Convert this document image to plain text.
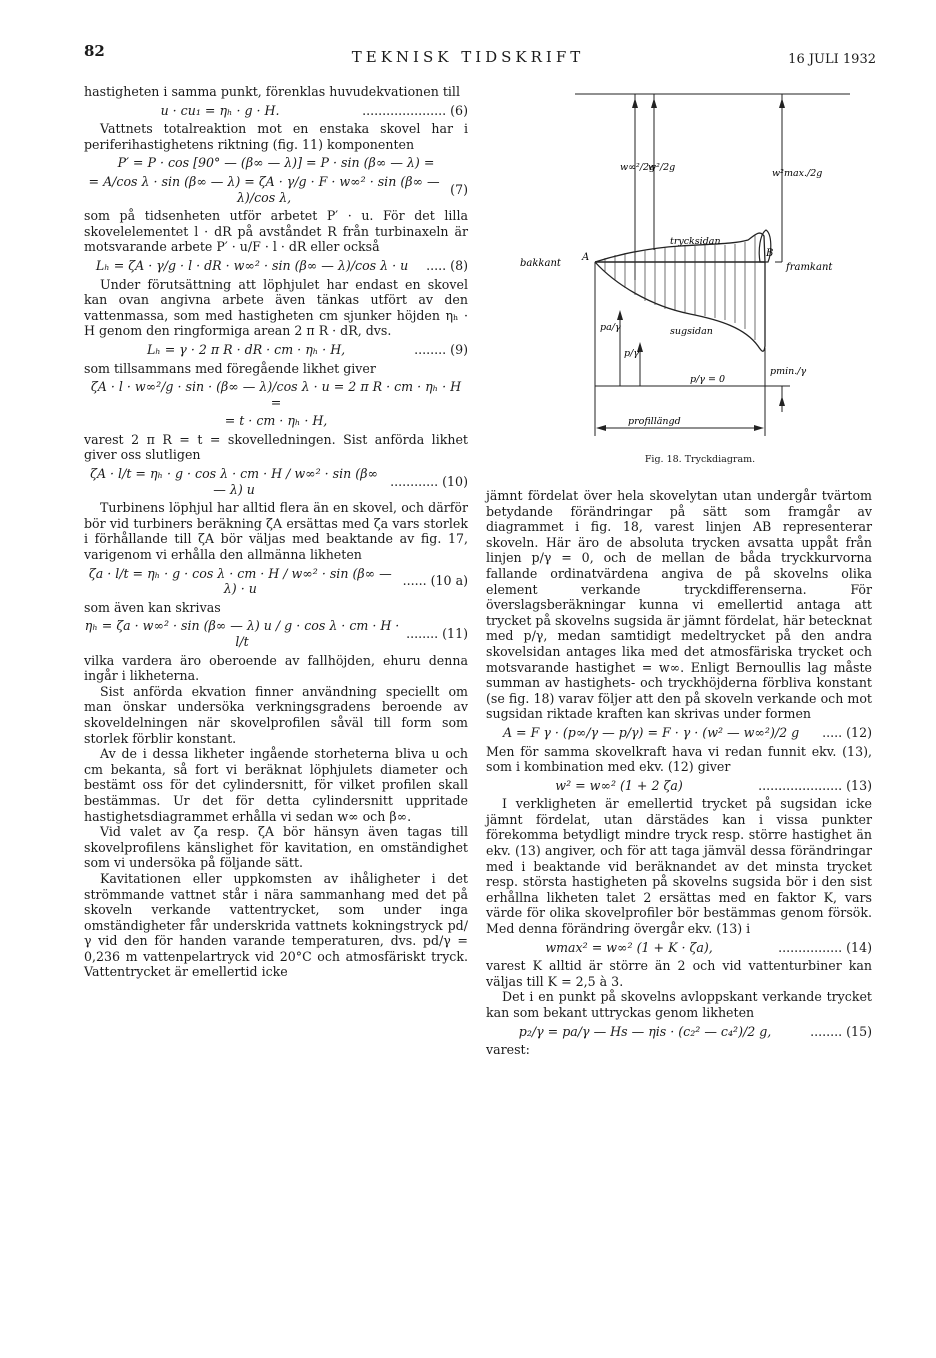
82	TEKNISK TIDSKRIFT	16 JULI 1932

hastigheten i samma punkt, förenklas huvudekvationen till

u · cu₁ = ηₕ · g · H.	..................... (6)

Vattnets totalreaktion mot en enstaka skovel har i periferihastighetens riktning (fig. 11) komponenten

P′ = P · cos [90° — (β∞ — λ)] = P · sin (β∞ — λ) =
= A/cos λ · sin (β∞ — λ) = ζA · γ/g · F · w∞² · sin (β∞ — λ)/cos λ,
(7)

som på tidsenheten utför arbetet P′ · u. För det lilla skovelelementet l · dR på avståndet R från turbinaxeln är motsvarande arbete P′ · u/F · l · dR eller också

Lₕ = ζA · γ/g · l · dR · w∞² · sin (β∞ — λ)/cos λ · u	..... (8)

Under förutsättning att löphjulet har endast en skovel kan ovan angivna arbete även tänkas utfört av den vattenmassa, som med hastigheten cm sjunker höjden ηₕ · H genom den ringformiga arean 2 π R · dR, dvs.

Lₕ = γ · 2 π R · dR · cm · ηₕ · H,	........ (9)

som tillsammans med föregående likhet giver

ζA · l · w∞²/g · sin · (β∞ — λ)/cos λ · u = 2 π R · cm · ηₕ · H =
= t · cm · ηₕ · H,

varest 2 π R = t = skovelledningen. Sist anförda likhet giver oss slutligen

ζA · l/t = ηₕ · g · cos λ · cm · H / w∞² · sin (β∞ — λ) u
............ (10)

Turbinens löphjul har alltid flera än en skovel, och därför bör vid turbiners beräkning ζA ersättas med ζa vars storlek i förhållande till ζA bör väljas med beaktande av fig. 17, varigenom vi erhålla den allmänna likheten

ζa · l/t = ηₕ · g · cos λ · cm · H / w∞² · sin (β∞ — λ) · u
...... (10 a)

som även kan skrivas

ηₕ = ζa · w∞² · sin (β∞ — λ) u / g · cos λ · cm · H · l/t
........ (11)

vilka vardera äro oberoende av fallhöjden, ehuru denna ingår i likheterna.

Sist anförda ekvation finner användning speciellt om man önskar undersöka verkningsgradens beroende av skoveldelningen när skovelprofilen såväl till form som storlek förblir konstant.

Av de i dessa likheter ingående storheterna bliva u och cm bekanta, så fort vi beräknat löphjulets diameter och bestämt oss för det cylindersnitt, för vilket profilen skall bestämmas. Ur det för detta cylindersnitt uppritade hastighetsdiagrammet erhålla vi sedan w∞ och β∞.

Vid valet av ζa resp. ζA bör hänsyn även tagas till skovelprofilens känslighet för kavitation, en omständighet som vi undersöka på följande sätt.

Kavitationen eller uppkomsten av ihåligheter i det strömmande vattnet står i nära sammanhang med det på skoveln verkande vattentrycket, som under inga omständigheter får underskrida vattnets kokningstryck pd/γ vid den för handen varande temperaturen, dvs. pd/γ = 0,236 m vattenpelartryck vid 20°C och atmosfäriskt tryck. Vattentrycket är emellertid icke

w∞²/2g
w²/2g
w²max./2g
bakkant
A	B
framkant
trycksidan
sugsidan
pa/γ
p/γ
p/γ = 0
pmin./γ
profillängd
Fig. 18. Tryckdiagram.

jämnt fördelat över hela skovelytan utan undergår tvärtom betydande förändringar på sätt som framgår av diagrammet i fig. 18, varest linjen AB representerar skoveln. Här äro de absoluta trycken avsatta uppåt från linjen p/γ = 0, och de mellan de båda tryckkurvorna fallande ordinatvärdena angiva de på skovelns olika element verkande tryckdifferenserna. För överslagsberäkningar kunna vi emellertid antaga att trycket på skovelns sugsida är jämnt fördelat, här betecknat med p/γ, medan samtidigt medeltrycket på den andra skovelsidan antages lika med det atmosfäriska trycket och motsvarande hastighet = w∞. Enligt Bernoullis lag måste summan av hastighets- och tryckhöjderna förbliva konstant (se fig. 18) varav följer att den på skoveln verkande och mot sugsidan riktade kraften kan skrivas under formen

A = F γ · (p∞/γ — p/γ) = F · γ · (w² — w∞²)/2 g	..... (12)

Men för samma skovelkraft hava vi redan funnit ekv. (13), som i kombination med ekv. (12) giver

w² = w∞² (1 + 2 ζa)	..................... (13)

I verkligheten är emellertid trycket på sugsidan icke jämnt fördelat, utan därstädes kan i vissa punkter förekomma betydligt mindre tryck resp. större hastighet än ekv. (13) angiver, och för att taga jämväl dessa förändringar med i beaktande vid beräknandet av det minsta trycket resp. största hastigheten på skovelns sugsida bör i den sist erhållna likheten talet 2 ersättas med en faktor K, vars värde för olika skovelprofiler bör bestämmas genom försök. Med denna förändring övergår ekv. (13) i

wmax² = w∞² (1 + K · ζa),	................ (14)

varest K alltid är större än 2 och vid vattenturbiner kan väljas till K = 2,5 à 3.

Det i en punkt på skovelns avloppskant verkande trycket kan som bekant uttryckas genom likheten

p₂/γ = pa/γ — Hs — ηis · (c₂² — c₄²)/2 g,	........ (15)

varest:
